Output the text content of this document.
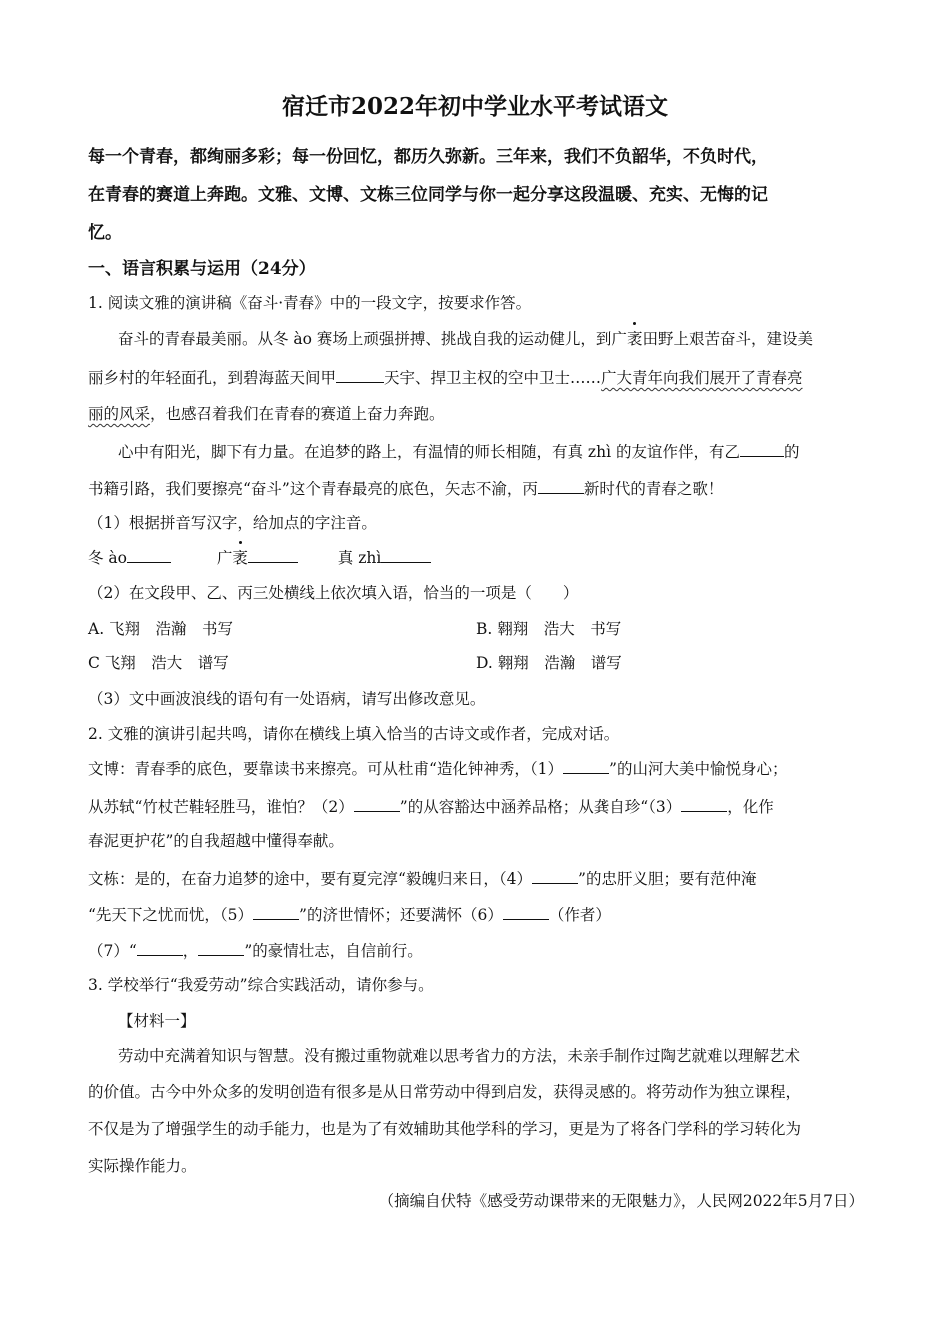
宿迁市2022年初中学业水平考试语文
每一个青春，都绚丽多彩；每一份回忆，都历久弥新。三年来，我们不负韶华，不负时代，
在青春的赛道上奔跑。文雅、文博、文栋三位同学与你一起分享这段温暖、充实、无悔的记
忆。
一、语言积累与运用（24分）
1. 阅读文雅的演讲稿《奋斗·青春》中的一段文字，按要求作答。
奋斗的青春最美丽。从冬 ào 赛场上顽强拼搏、挑战自我的运动健儿，到广袤田野上艰苦奋斗，建设美
丽乡村的年轻面孔，到碧海蓝天间甲	天宇、捍卫主权的空中卫士……广大青年向我们展开了青春亮
丽的风采，也感召着我们在青春的赛道上奋力奔跑。
心中有阳光，脚下有力量。在追梦的路上，有温情的师长相随，有真 zhì 的友谊作伴，有乙	的
书籍引路，我们要擦亮“奋斗”这个青春最亮的底色，矢志不渝，丙	新时代的青春之歌！
（1）根据拼音写汉字，给加点的字注音。
冬 ào	广袤	真 zhì
（2）在文段甲、乙、丙三处横线上依次填入语，恰当的一项是（　　）
A. 飞翔　浩瀚　书写	B. 翱翔　浩大　书写
C 飞翔　浩大　谱写	D. 翱翔　浩瀚　谱写
（3）文中画波浪线的语句有一处语病，请写出修改意见。
2. 文雅的演讲引起共鸣，请你在横线上填入恰当的古诗文或作者，完成对话。
文博：青春季的底色，要靠读书来擦亮。可从杜甫“造化钟神秀，（1）	”的山河大美中愉悦身心；
从苏轼“竹杖芒鞋轻胜马，谁怕？（2）	”的从容豁达中涵养品格；从龚自珍“（3）	，化作
春泥更护花”的自我超越中懂得奉献。
文栋：是的，在奋力追梦的途中，要有夏完淳“毅魄归来日，（4）	”的忠肝义胆；要有范仲淹
“先天下之忧而忧，（5）	”的济世情怀；还要满怀（6）	（作者）
（7）“	，	”的豪情壮志，自信前行。
3. 学校举行“我爱劳动”综合实践活动，请你参与。
【材料一】
劳动中充满着知识与智慧。没有搬过重物就难以思考省力的方法，未亲手制作过陶艺就难以理解艺术
的价值。古今中外众多的发明创造有很多是从日常劳动中得到启发，获得灵感的。将劳动作为独立课程，
不仅是为了增强学生的动手能力，也是为了有效辅助其他学科的学习，更是为了将各门学科的学习转化为
实际操作能力。
（摘编自伏特《感受劳动课带来的无限魅力》，人民网2022年5月7日）
